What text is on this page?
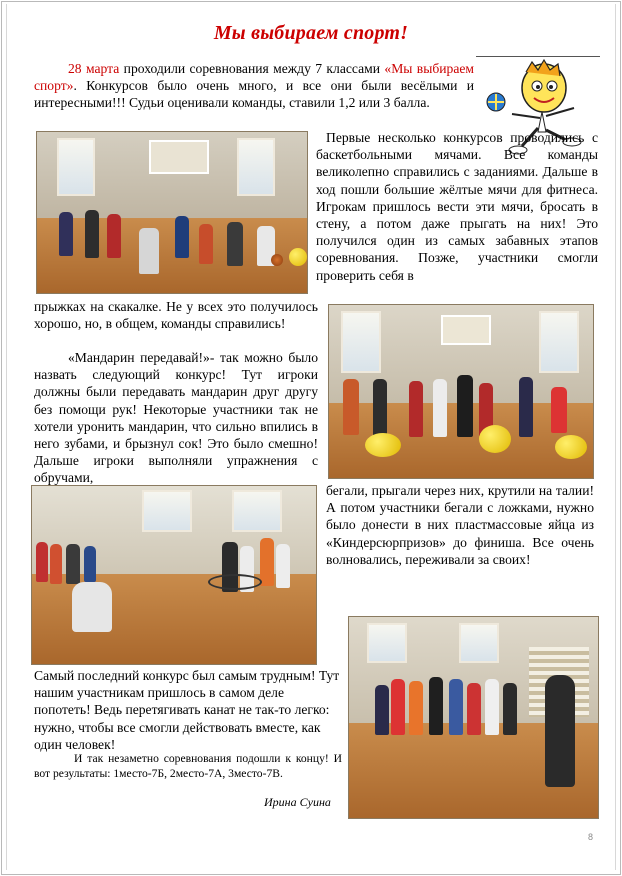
Мы выбираем спорт!

28 марта проходили соревнования между 7 классами «Мы выбираем спорт». Конкурсов было очень много, и все они были весёлыми и интересными!!! Судьи оценивали команды, ставили 1,2 или 3 балла.

Первые несколько конкурсов проводились с баскетбольными мячами. Все команды великолепно справились с заданиями. Дальше в ход пошли большие жёлтые мячи для фитнеса. Игрокам пришлось вести эти мячи, бросать в стену, а потом даже прыгать на них! Это получился один из самых забавных этапов соревнования. Позже, участники смогли проверить себя в

прыжках на скакалке. Не у всех это получилось хорошо, но, в общем, команды справились!

«Мандарин передавай!»- так можно было назвать следующий конкурс! Тут игроки должны были передавать мандарин друг другу без помощи рук! Некоторые участники так не хотели уронить мандарин, что сильно впились в него зубами, и брызнул сок! Это было смешно! Дальше игроки выполняли упражнения с обручами,

бегали, прыгали через них, крутили на талии! А потом участники бегали с ложками, нужно было донести в них пластмассовые яйца из «Киндерсюрпризов» до финиша. Все очень волновались, переживали за своих!

Самый последний конкурс был самым трудным! Тут нашим участникам пришлось в самом деле попотеть! Ведь перетягивать канат не так-то легко: нужно, чтобы все смогли действовать вместе, как один человек!

И так незаметно соревнования подошли к концу! И вот результаты: 1место-7Б, 2место-7А, 3место-7В.

Ирина Суина
8
